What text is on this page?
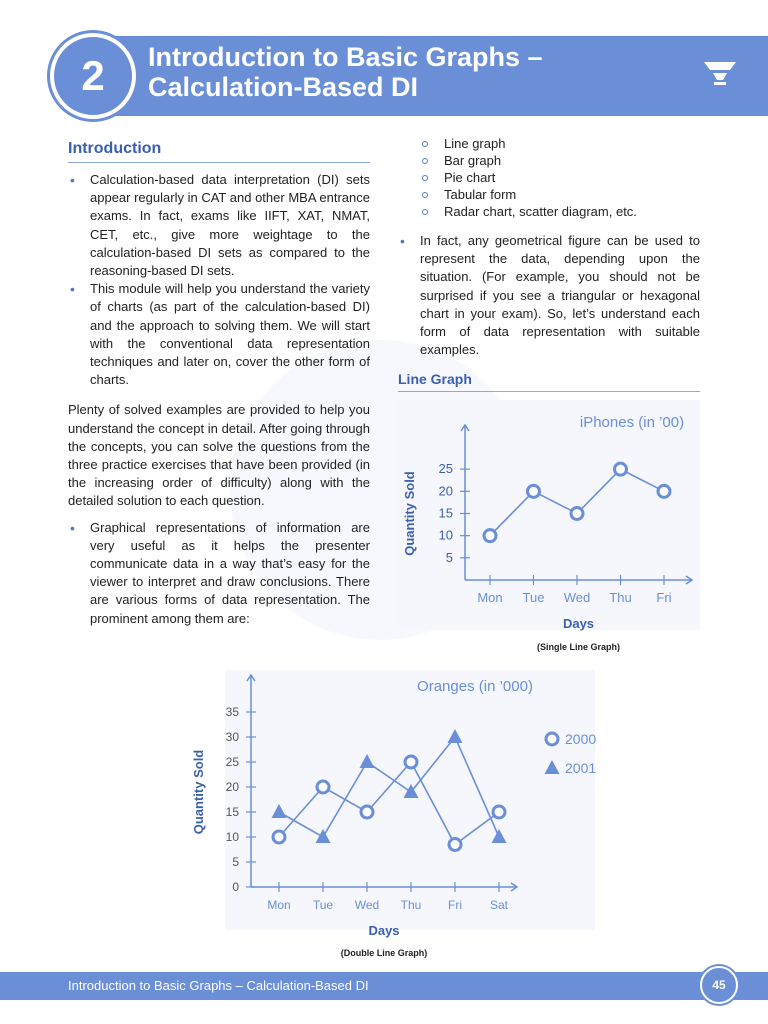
2	Introduction to Basic Graphs –
Calculation-Based DI
Introduction

• Calculation-based data interpretation (DI) sets appear regularly in CAT and other MBA entrance exams. In fact, exams like IIFT, XAT, NMAT, CET, etc., give more weightage to the calculation-based DI sets as compared to the reasoning-based DI sets.

• This module will help you understand the variety of charts (as part of the calculation-based DI) and the approach to solving them. We will start with the conventional data representation techniques and later on, cover the other form of charts.

Plenty of solved examples are provided to help you understand the concept in detail. After going through the concepts, you can solve the questions from the three practice exercises that have been provided (in the increasing order of difficulty) along with the detailed solution to each question.

• Graphical representations of information are very useful as it helps the presenter communicate data in a way that’s easy for the viewer to interpret and draw conclusions. There are various forms of data representation. The prominent among them are:

Line graph
Bar graph
Pie chart
Tabular form
Radar chart, scatter diagram, etc.

• In fact, any geometrical figure can be used to represent the data, depending upon the situation. (For example, you should not be surprised if you see a triangular or hexagonal chart in your exam). So, let’s understand each form of data representation with suitable examples.

Line Graph
5
10
15
20
25
Mon Tue Wed Thu Fri
iPhones (in ’00)
Days
Quantity Sold
(Single Line Graph)
0
5
10
15
20
25
30
35
Mon Tue Wed Thu Fri Sat
Oranges (in ’000)
Days
Quantity Sold
(Double Line Graph)
2000
2001
Introduction to Basic Graphs – Calculation-Based DI	45
